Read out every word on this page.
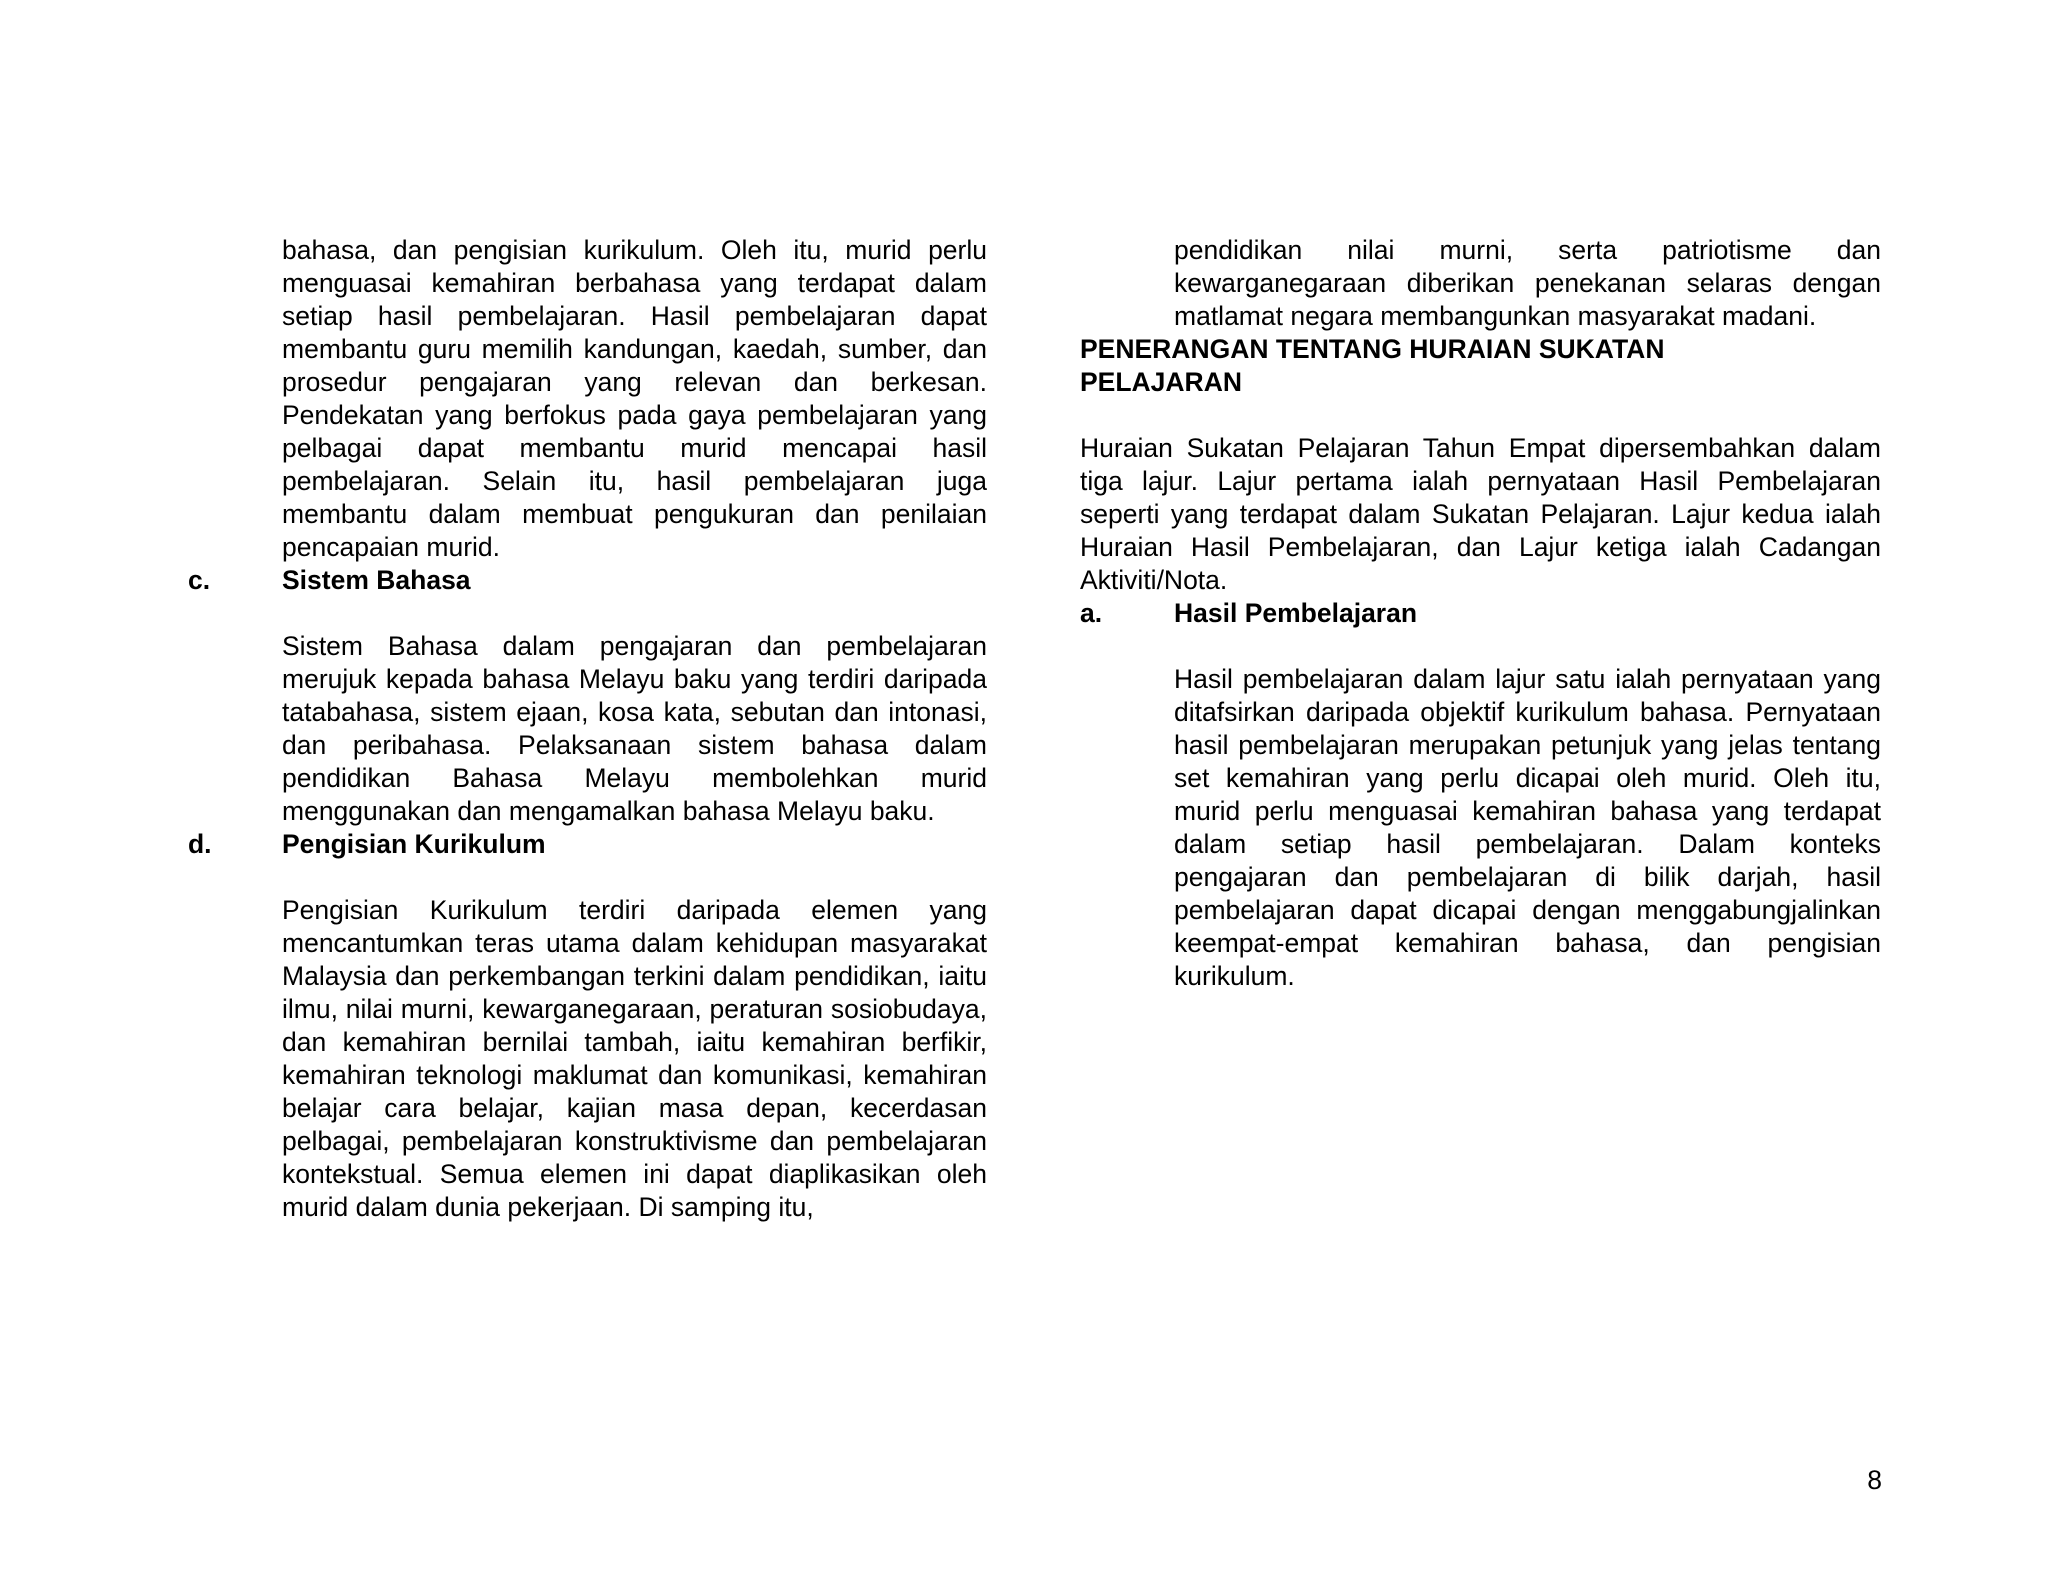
bahasa, dan pengisian kurikulum. Oleh itu, murid perlu menguasai kemahiran berbahasa yang terdapat dalam setiap hasil pembelajaran. Hasil pembelajaran dapat membantu guru memilih kandungan, kaedah, sumber, dan prosedur pengajaran yang relevan dan berkesan. Pendekatan yang berfokus pada gaya pembelajaran yang pelbagai dapat membantu murid mencapai hasil pembelajaran. Selain itu, hasil pembelajaran juga membantu dalam membuat pengukuran dan penilaian pencapaian murid.

c.	Sistem Bahasa

Sistem Bahasa dalam pengajaran dan pembelajaran merujuk kepada bahasa Melayu baku yang terdiri daripada tatabahasa, sistem ejaan, kosa kata, sebutan dan intonasi, dan peribahasa. Pelaksanaan sistem bahasa dalam pendidikan Bahasa Melayu membolehkan murid menggunakan dan mengamalkan bahasa Melayu baku.

d.	Pengisian Kurikulum

Pengisian Kurikulum terdiri daripada elemen yang mencantumkan teras utama dalam kehidupan masyarakat Malaysia dan perkembangan terkini dalam pendidikan, iaitu ilmu, nilai murni, kewarganegaraan, peraturan sosiobudaya, dan kemahiran bernilai tambah, iaitu kemahiran berfikir, kemahiran teknologi maklumat dan komunikasi, kemahiran belajar cara belajar, kajian masa depan, kecerdasan pelbagai, pembelajaran konstruktivisme dan pembelajaran kontekstual. Semua elemen ini dapat diaplikasikan oleh murid dalam dunia pekerjaan. Di samping itu,

pendidikan nilai murni, serta patriotisme dan kewarganegaraan diberikan penekanan selaras dengan matlamat negara membangunkan masyarakat madani.

PENERANGAN TENTANG HURAIAN SUKATAN PELAJARAN

Huraian Sukatan Pelajaran Tahun Empat dipersembahkan dalam tiga lajur. Lajur pertama ialah pernyataan Hasil Pembelajaran seperti yang terdapat dalam Sukatan Pelajaran. Lajur kedua ialah Huraian Hasil Pembelajaran, dan Lajur ketiga ialah Cadangan Aktiviti/Nota.

a.	Hasil Pembelajaran

Hasil pembelajaran dalam lajur satu ialah pernyataan yang ditafsirkan daripada objektif kurikulum bahasa. Pernyataan hasil pembelajaran merupakan petunjuk yang jelas tentang set kemahiran yang perlu dicapai oleh murid. Oleh itu, murid perlu menguasai kemahiran bahasa yang terdapat dalam setiap hasil pembelajaran. Dalam konteks pengajaran dan pembelajaran di bilik darjah, hasil pembelajaran dapat dicapai dengan menggabungjalinkan keempat-empat kemahiran bahasa, dan pengisian kurikulum.

8
